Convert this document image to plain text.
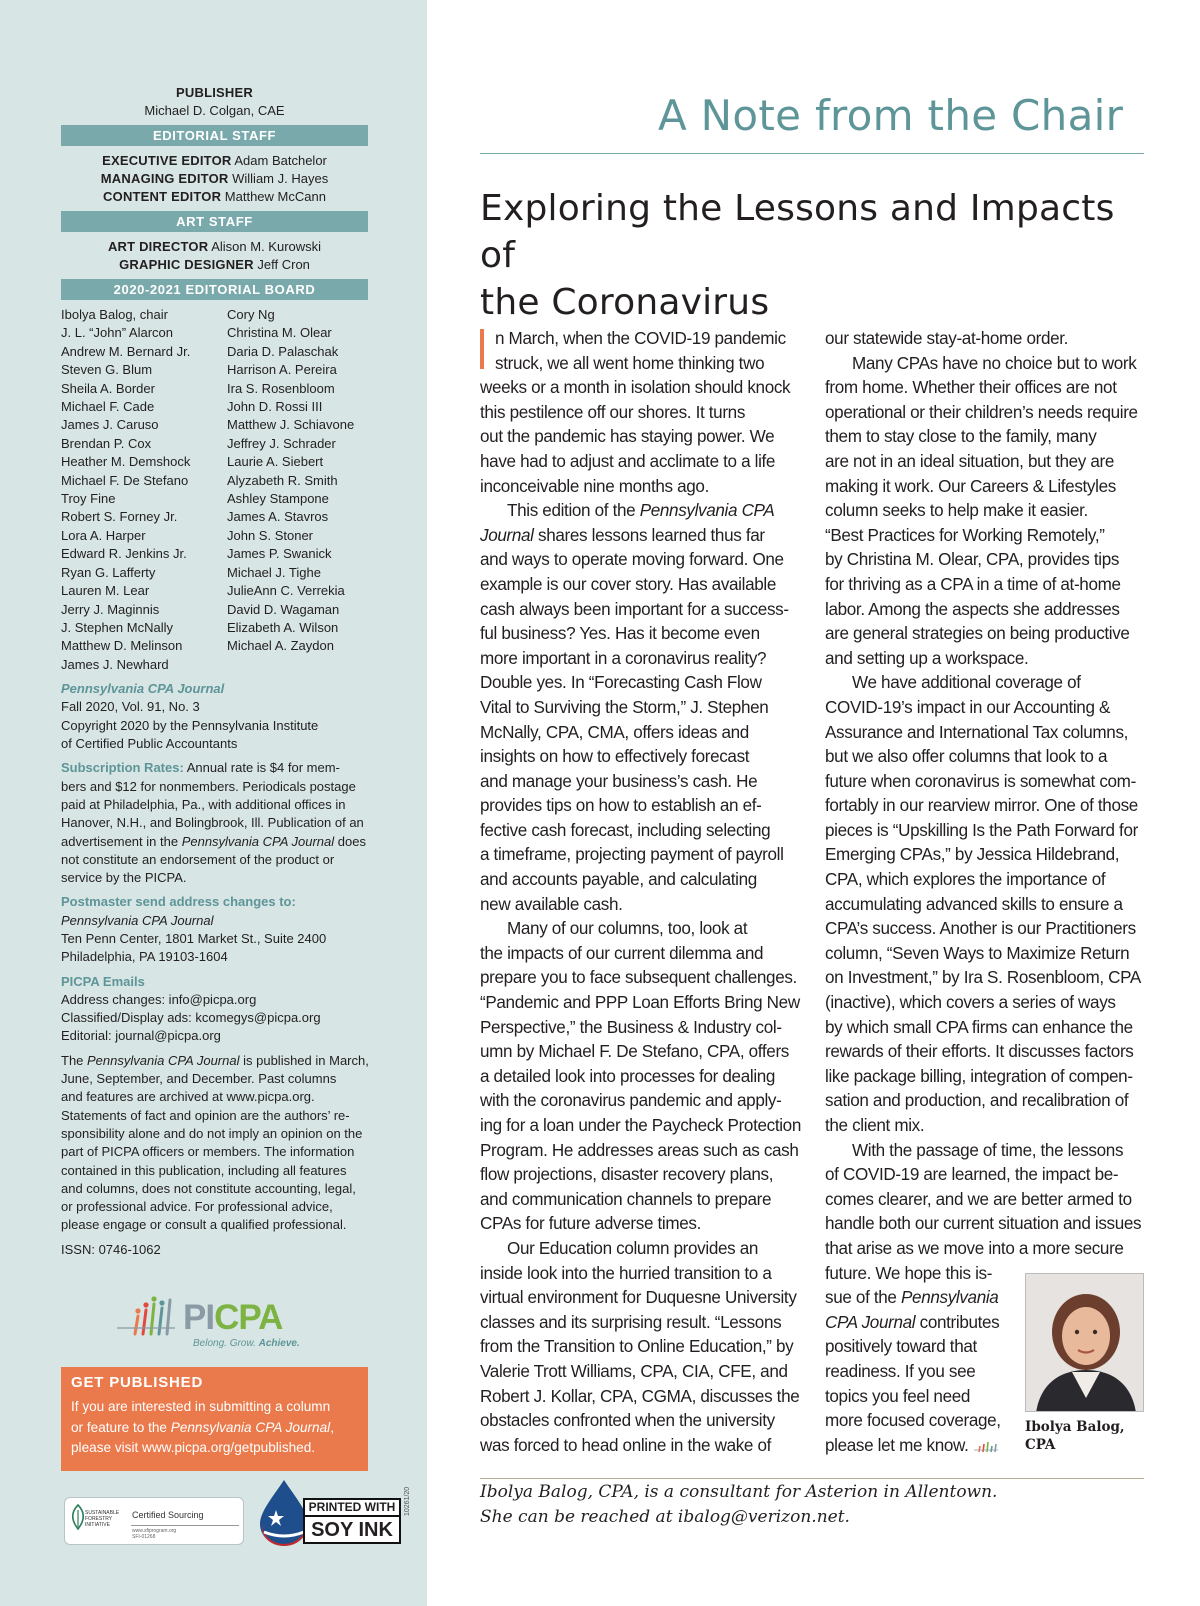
PUBLISHER
Michael D. Colgan, CAE
EDITORIAL STAFF
EXECUTIVE EDITOR Adam Batchelor
MANAGING EDITOR William J. Hayes
CONTENT EDITOR Matthew McCann
ART STAFF
ART DIRECTOR Alison M. Kurowski
GRAPHIC DESIGNER Jeff Cron
2020-2021 EDITORIAL BOARD
Ibolya Balog, chair
J. L. “John” Alarcon
Andrew M. Bernard Jr.
Steven G. Blum
Sheila A. Border
Michael F. Cade
James J. Caruso
Brendan P. Cox
Heather M. Demshock
Michael F. De Stefano
Troy Fine
Robert S. Forney Jr.
Lora A. Harper
Edward R. Jenkins Jr.
Ryan G. Lafferty
Lauren M. Lear
Jerry J. Maginnis
J. Stephen McNally
Matthew D. Melinson
James J. Newhard
Cory Ng
Christina M. Olear
Daria D. Palaschak
Harrison A. Pereira
Ira S. Rosenbloom
John D. Rossi III
Matthew J. Schiavone
Jeffrey J. Schrader
Laurie A. Siebert
Alyzabeth R. Smith
Ashley Stampone
James A. Stavros
John S. Stoner
James P. Swanick
Michael J. Tighe
JulieAnn C. Verrekia
David D. Wagaman
Elizabeth A. Wilson
Michael A. Zaydon
Pennsylvania CPA Journal
Fall 2020, Vol. 91, No. 3
Copyright 2020 by the Pennsylvania Institute
of Certified Public Accountants
Subscription Rates: Annual rate is $4 for mem-
bers and $12 for nonmembers. Periodicals postage
paid at Philadelphia, Pa., with additional offices in
Hanover, N.H., and Bolingbrook, Ill. Publication of an
advertisement in the Pennsylvania CPA Journal does
not constitute an endorsement of the product or
service by the PICPA.
Postmaster send address changes to:
Pennsylvania CPA Journal
Ten Penn Center, 1801 Market St., Suite 2400
Philadelphia, PA 19103-1604
PICPA Emails
Address changes: info@picpa.org
Classified/Display ads: kcomegys@picpa.org
Editorial: journal@picpa.org
The Pennsylvania CPA Journal is published in March,
June, September, and December. Past columns
and features are archived at www.picpa.org.
Statements of fact and opinion are the authors’ re-
sponsibility alone and do not imply an opinion on the
part of PICPA officers or members. The information
contained in this publication, including all features
and columns, does not constitute accounting, legal,
or professional advice. For professional advice,
please engage or consult a qualified professional.
ISSN: 0746-1062
PICPA
Belong. Grow. Achieve.
GET PUBLISHED
If you are interested in submitting a column
or feature to the Pennsylvania CPA Journal,
please visit www.picpa.org/getpublished.
SUSTAINABLE
FORESTRY
INITIATIVE
Certified Sourcing
www.sfiprogram.org
SFI-01268
PRINTED WITH
SOY INK
10261/20
A Note from the Chair
Exploring the Lessons and Impacts of
the Coronavirus
n March, when the COVID-19 pandemic
struck, we all went home thinking two
weeks or a month in isolation should knock
this pestilence off our shores. It turns
out the pandemic has staying power. We
have had to adjust and acclimate to a life
inconceivable nine months ago.
This edition of the Pennsylvania CPA
Journal shares lessons learned thus far
and ways to operate moving forward. One
example is our cover story. Has available
cash always been important for a success-
ful business? Yes. Has it become even
more important in a coronavirus reality?
Double yes. In “Forecasting Cash Flow
Vital to Surviving the Storm,” J. Stephen
McNally, CPA, CMA, offers ideas and
insights on how to effectively forecast
and manage your business’s cash. He
provides tips on how to establish an ef-
fective cash forecast, including selecting
a timeframe, projecting payment of payroll
and accounts payable, and calculating
new available cash.
Many of our columns, too, look at
the impacts of our current dilemma and
prepare you to face subsequent challenges.
“Pandemic and PPP Loan Efforts Bring New
Perspective,” the Business & Industry col-
umn by Michael F. De Stefano, CPA, offers
a detailed look into processes for dealing
with the coronavirus pandemic and apply-
ing for a loan under the Paycheck Protection
Program. He addresses areas such as cash
flow projections, disaster recovery plans,
and communication channels to prepare
CPAs for future adverse times.
Our Education column provides an
inside look into the hurried transition to a
virtual environment for Duquesne University
classes and its surprising result. “Lessons
from the Transition to Online Education,” by
Valerie Trott Williams, CPA, CIA, CFE, and
Robert J. Kollar, CPA, CGMA, discusses the
obstacles confronted when the university
was forced to head online in the wake of
our statewide stay-at-home order.
Many CPAs have no choice but to work
from home. Whether their offices are not
operational or their children’s needs require
them to stay close to the family, many
are not in an ideal situation, but they are
making it work. Our Careers & Lifestyles
column seeks to help make it easier.
“Best Practices for Working Remotely,”
by Christina M. Olear, CPA, provides tips
for thriving as a CPA in a time of at-home
labor. Among the aspects she addresses
are general strategies on being productive
and setting up a workspace.
We have additional coverage of
COVID-19’s impact in our Accounting &
Assurance and International Tax columns,
but we also offer columns that look to a
future when coronavirus is somewhat com-
fortably in our rearview mirror. One of those
pieces is “Upskilling Is the Path Forward for
Emerging CPAs,” by Jessica Hildebrand,
CPA, which explores the importance of
accumulating advanced skills to ensure a
CPA’s success. Another is our Practitioners
column, “Seven Ways to Maximize Return
on Investment,” by Ira S. Rosenbloom, CPA
(inactive), which covers a series of ways
by which small CPA firms can enhance the
rewards of their efforts. It discusses factors
like package billing, integration of compen-
sation and production, and recalibration of
the client mix.
With the passage of time, the lessons
of COVID-19 are learned, the impact be-
comes clearer, and we are better armed to
handle both our current situation and issues
that arise as we move into a more secure
future. We hope this is-
sue of the Pennsylvania
CPA Journal contributes
positively toward that
readiness. If you see
topics you feel need
more focused coverage,
please let me know.
Ibolya Balog,
CPA
Ibolya Balog, CPA, is a consultant for Asterion in Allentown.
She can be reached at ibalog@verizon.net.
